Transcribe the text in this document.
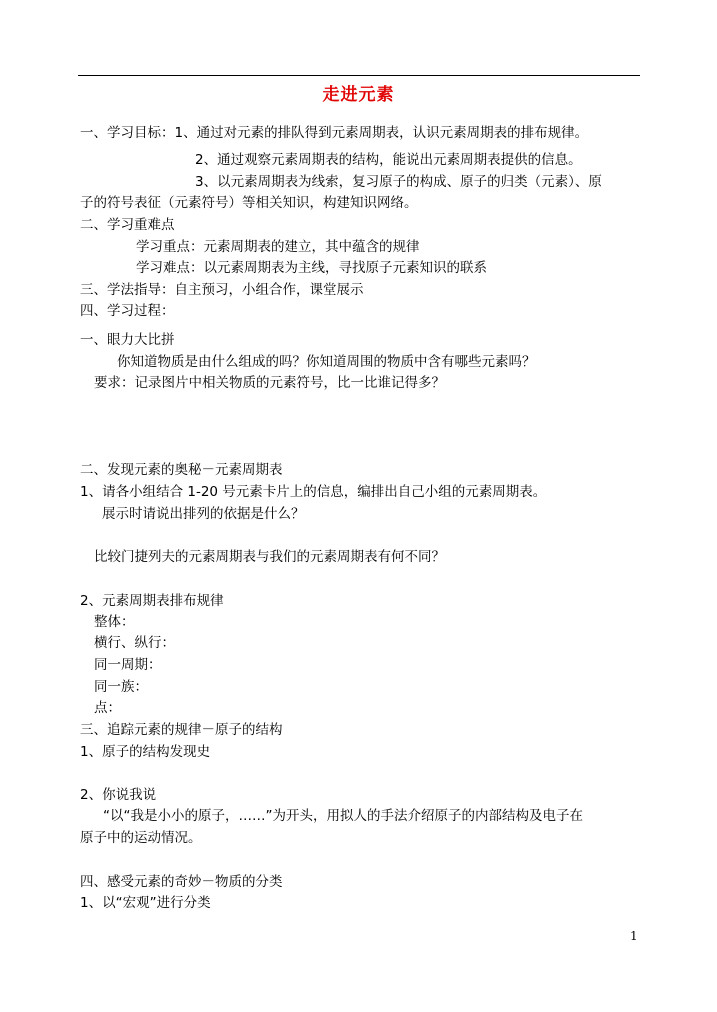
走进元素
一、学习目标：1、通过对元素的排队得到元素周期表，认识元素周期表的排布规律。
2、通过观察元素周期表的结构，能说出元素周期表提供的信息。
3、以元素周期表为线索，复习原子的构成、原子的归类（元素）、原
子的符号表征（元素符号）等相关知识，构建知识网络。
二、学习重难点
学习重点：元素周期表的建立，其中蕴含的规律
学习难点：以元素周期表为主线，寻找原子元素知识的联系
三、学法指导：自主预习，小组合作，课堂展示
四、学习过程：
一、眼力大比拼
你知道物质是由什么组成的吗？你知道周围的物质中含有哪些元素吗？
要求：记录图片中相关物质的元素符号，比一比谁记得多？
二、发现元素的奥秘－元素周期表
1、请各小组结合 1-20 号元素卡片上的信息，编排出自己小组的元素周期表。
展示时请说出排列的依据是什么？
比较门捷列夫的元素周期表与我们的元素周期表有何不同？
2、元素周期表排布规律
整体：
横行、纵行：
同一周期：
同一族：
点：
三、追踪元素的规律－原子的结构
1、原子的结构发现史
2、你说我说
“以“我是小小的原子，……”为开头，用拟人的手法介绍原子的内部结构及电子在
原子中的运动情况。
四、感受元素的奇妙－物质的分类
1、以“宏观”进行分类
1
